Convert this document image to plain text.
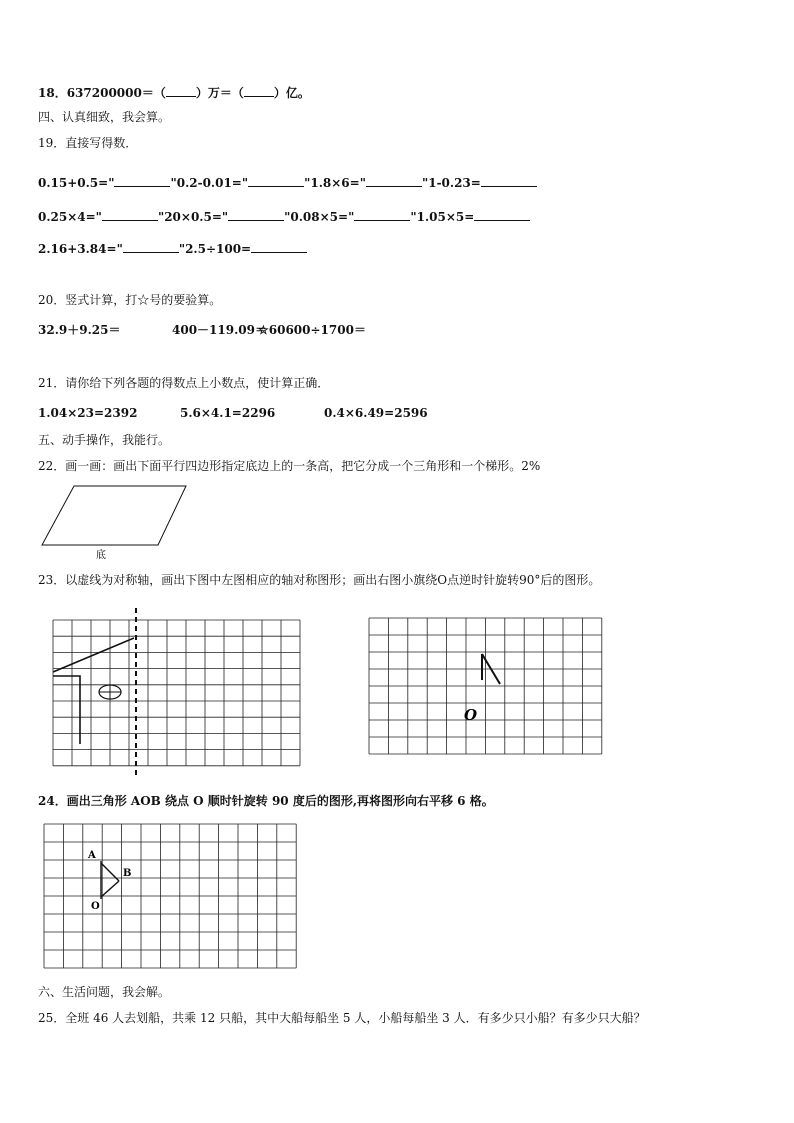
18．637200000＝（	）万＝（	）亿。
四、认真细致，我会算。
19．直接写得数．
0.15+0.5="	"0.2-0.01="	"1.8×6="	"1-0.23=
0.25×4="	"20×0.5="	"0.08×5="	"1.05×5=
2.16+3.84="	"2.5÷100=
20．竖式计算，打☆号的要验算。
32.9＋9.25＝	400－119.09＝
☆60600÷1700＝
21．请你给下列各题的得数点上小数点，使计算正确．
1.04×23=2392	5.6×4.1=2296	0.4×6.49=2596
五、动手操作，我能行。
22．画一画：画出下面平行四边形指定底边上的一条高，把它分成一个三角形和一个梯形。2%
底
23．以虚线为对称轴，画出下图中左图相应的轴对称图形；画出右图小旗绕O点逆时针旋转90°后的图形。
O
24．画出三角形 AOB 绕点 O 顺时针旋转 90 度后的图形,再将图形向右平移 6 格。
A
B
O
六、生活问题，我会解。
25．全班 46 人去划船，共乘 12 只船，其中大船每船坐 5 人，小船每船坐 3 人．有多少只小船？有多少只大船？
